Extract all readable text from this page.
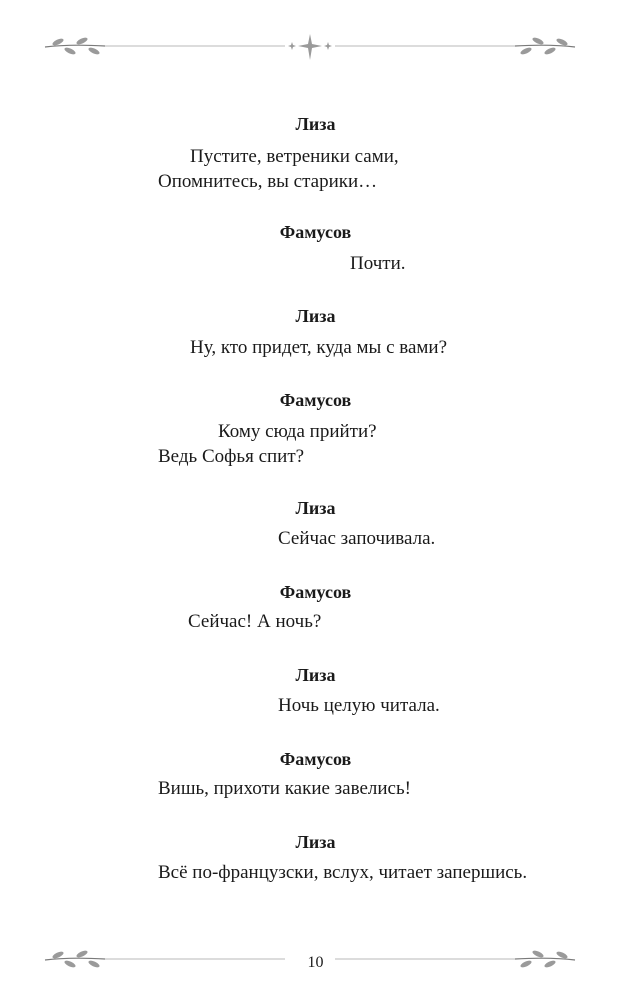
Лиза

Пустите, ветреники сами,

Опомнитесь, вы старики…

Фамусов

Почти.

Лиза

Ну, кто придет, куда мы с вами?

Фамусов

Кому сюда прийти?

Ведь Софья спит?

Лиза

Сейчас започивала.

Фамусов

Сейчас! А ночь?

Лиза

Ночь целую читала.

Фамусов

Вишь, прихоти какие завелись!

Лиза

Всё по-французски, вслух, читает запершись.

10
